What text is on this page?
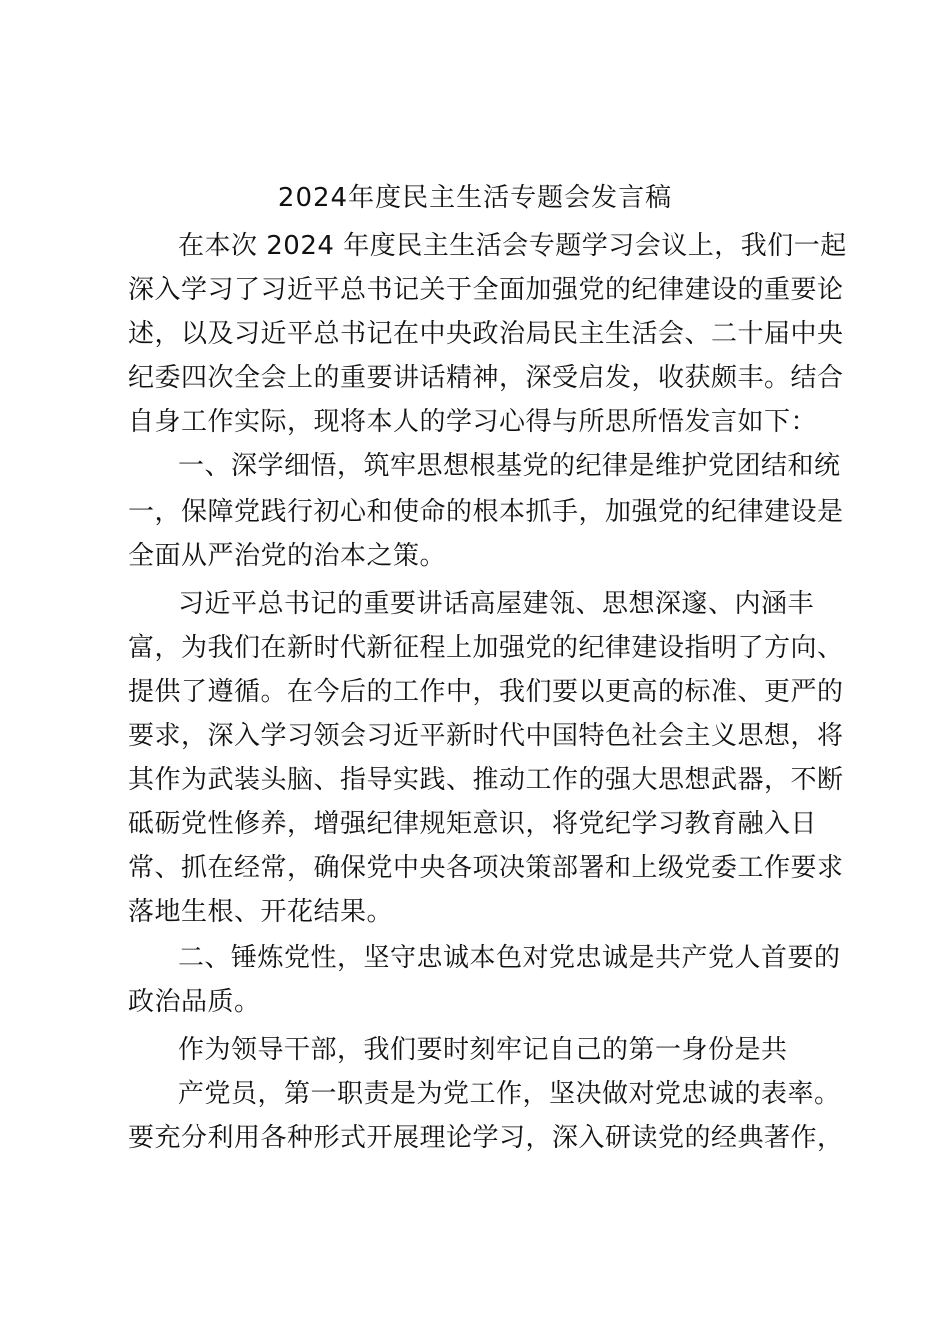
2024年度民主生活专题会发言稿
在本次 2024 年度民主生活会专题学习会议上，我们一起
深入学习了习近平总书记关于全面加强党的纪律建设的重要论
述，以及习近平总书记在中央政治局民主生活会、二十届中央
纪委四次全会上的重要讲话精神，深受启发，收获颇丰。结合
自身工作实际，现将本人的学习心得与所思所悟发言如下：
一、深学细悟，筑牢思想根基党的纪律是维护党团结和统
一，保障党践行初心和使命的根本抓手，加强党的纪律建设是
全面从严治党的治本之策。
习近平总书记的重要讲话高屋建瓴、思想深邃、内涵丰
富，为我们在新时代新征程上加强党的纪律建设指明了方向、
提供了遵循。在今后的工作中，我们要以更高的标准、更严的
要求，深入学习领会习近平新时代中国特色社会主义思想，将
其作为武装头脑、指导实践、推动工作的强大思想武器，不断
砥砺党性修养，增强纪律规矩意识，将党纪学习教育融入日
常、抓在经常，确保党中央各项决策部署和上级党委工作要求
落地生根、开花结果。
二、锤炼党性，坚守忠诚本色对党忠诚是共产党人首要的
政治品质。
作为领导干部，我们要时刻牢记自己的第一身份是共
产党员，第一职责是为党工作，坚决做对党忠诚的表率。
要充分利用各种形式开展理论学习，深入研读党的经典著作，
